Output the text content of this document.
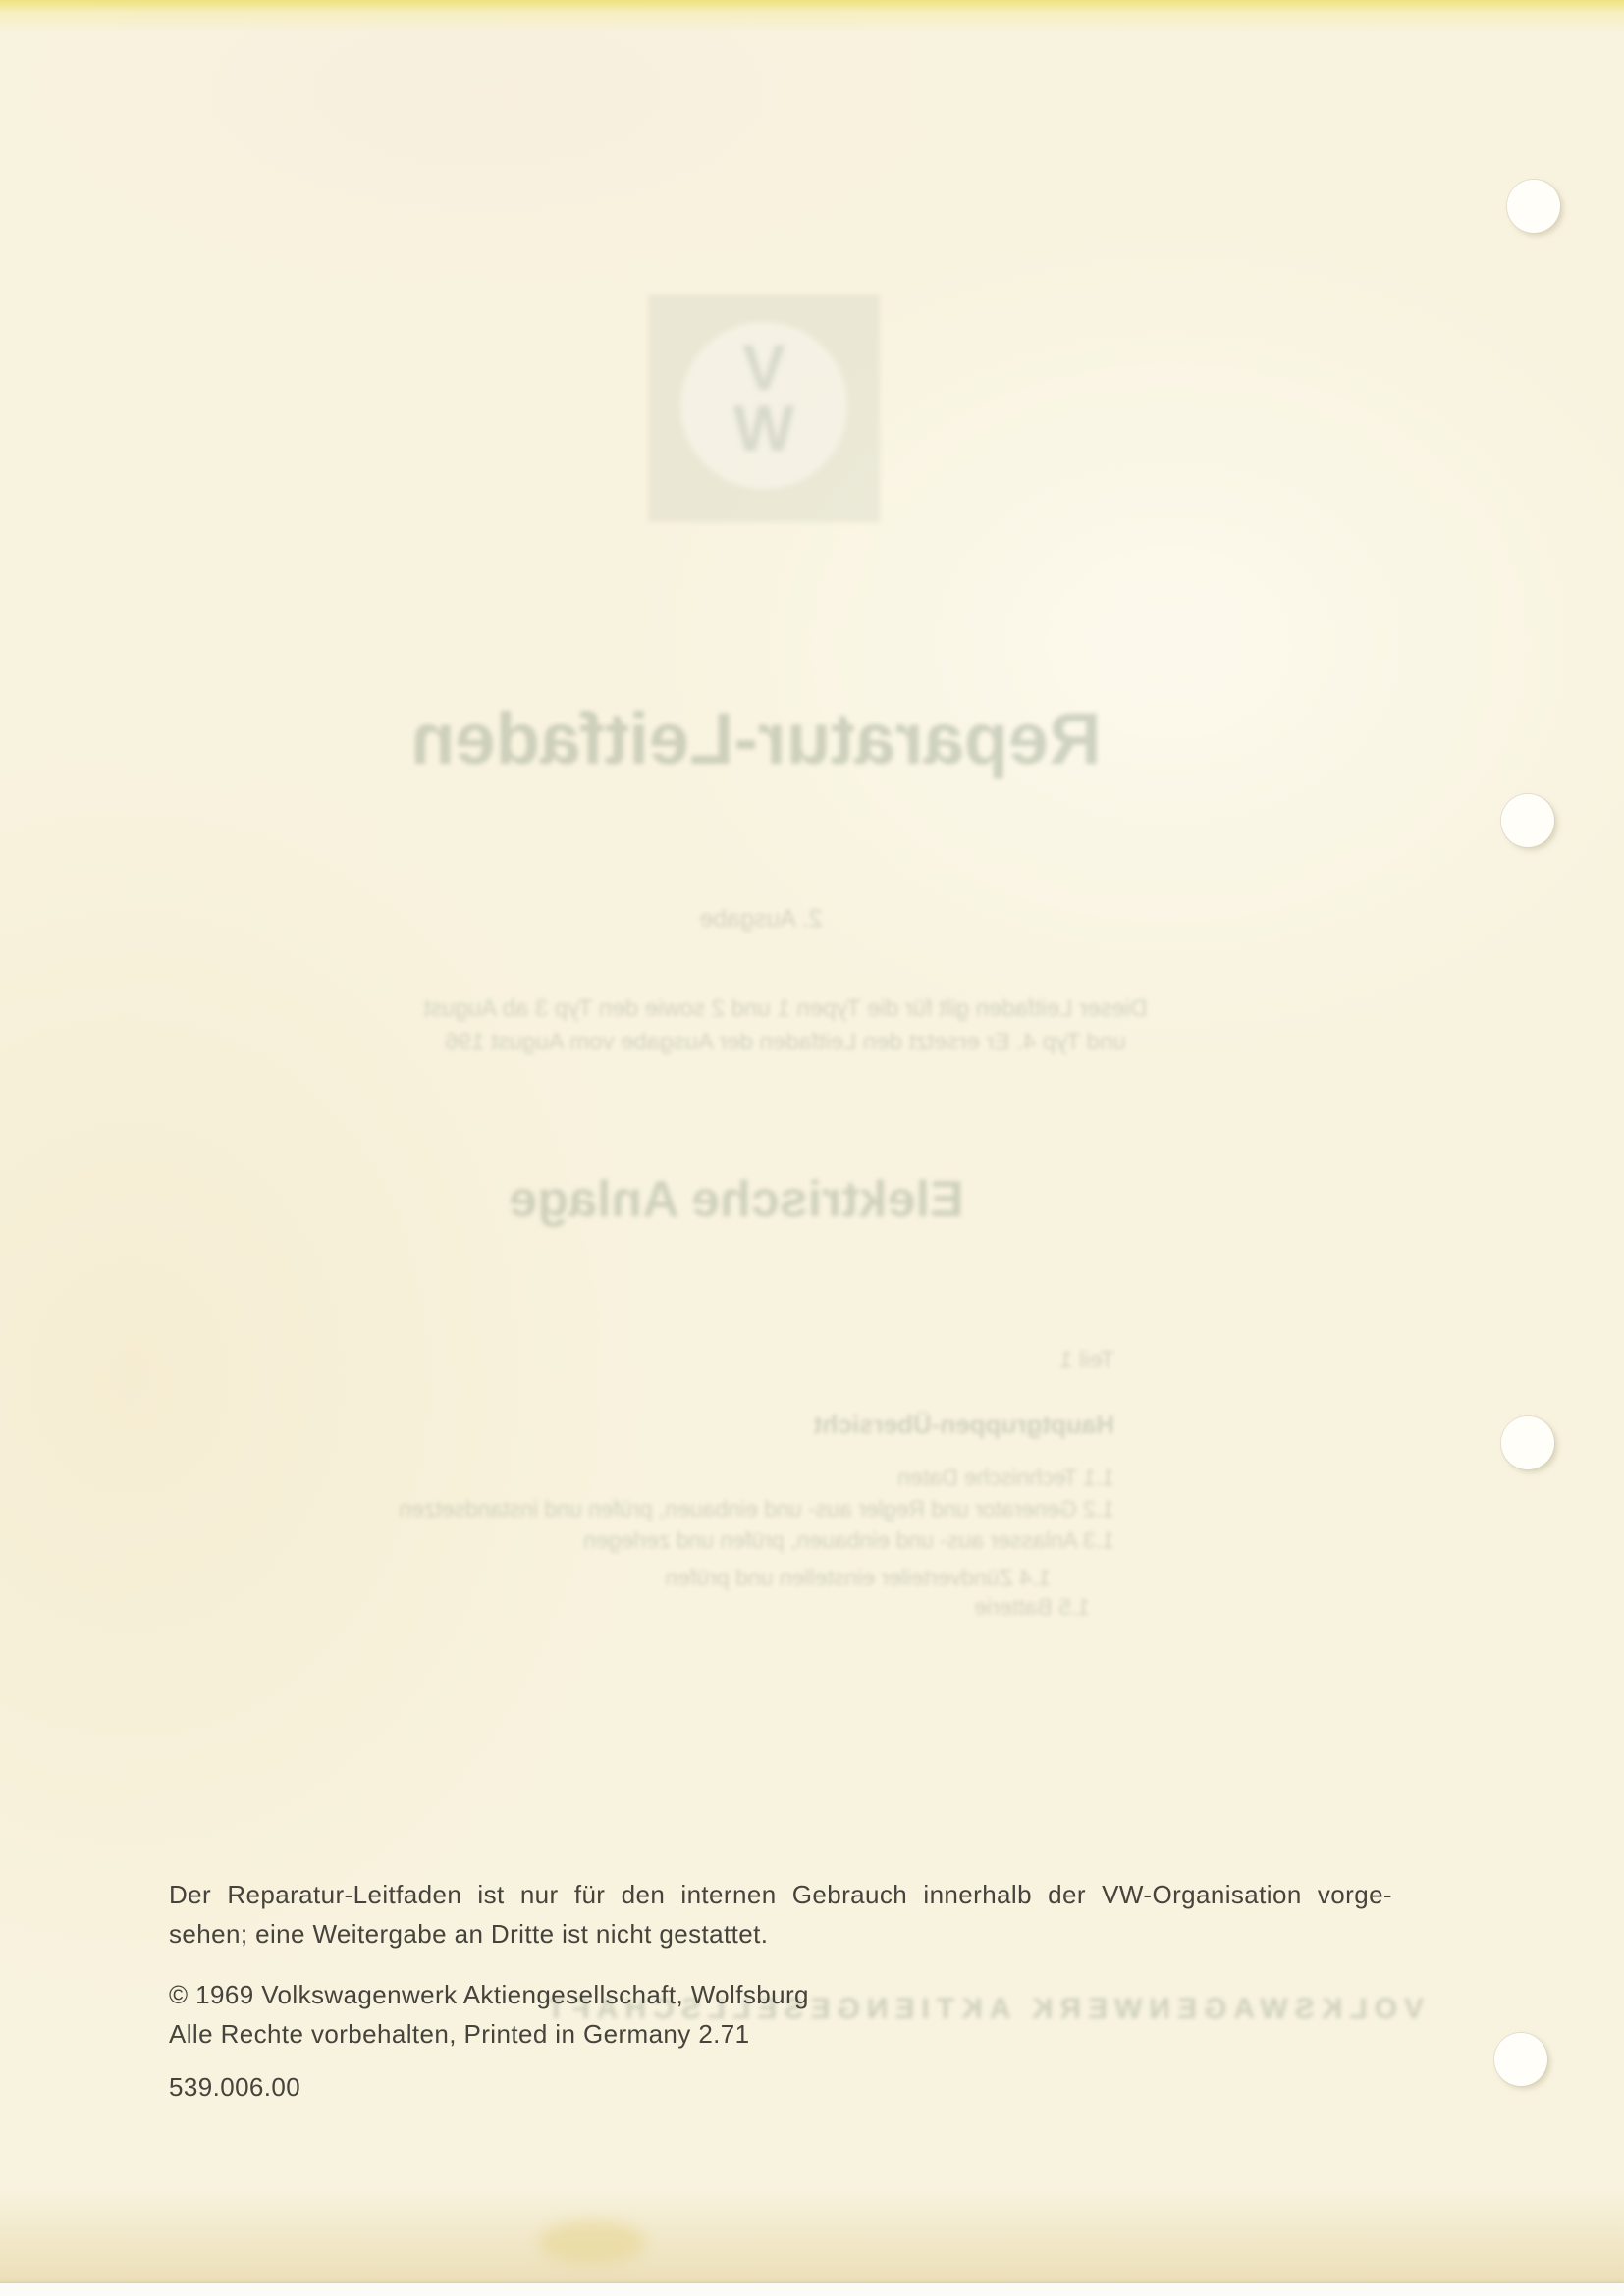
V
W
Reparatur-Leitfaden
2. Ausgabe
Dieser Leitfaden gilt für die Typen 1 und 2 sowie den Typ 3 ab August
und Typ 4. Er ersetzt den Leitfaden der Ausgabe vom August 196
Elektrische Anlage
Teil 1
Hauptgruppen-Übersicht
1.1 Technische Daten
1.2 Generator und Regler aus- und einbauen, prüfen und instandsetzen
1.3 Anlasser aus- und einbauen, prüfen und zerlegen
1.4 Zündverteiler einstellen und prüfen
1.5 Batterie
VOLKSWAGENWERK AKTIENGESELLSCHAFT
Der Reparatur-Leitfaden ist nur für den internen Gebrauch innerhalb der VW-Organisation vorge-
sehen; eine Weitergabe an Dritte ist nicht gestattet.
© 1969 Volkswagenwerk Aktiengesellschaft, Wolfsburg
Alle Rechte vorbehalten, Printed in Germany 2.71
539.006.00
